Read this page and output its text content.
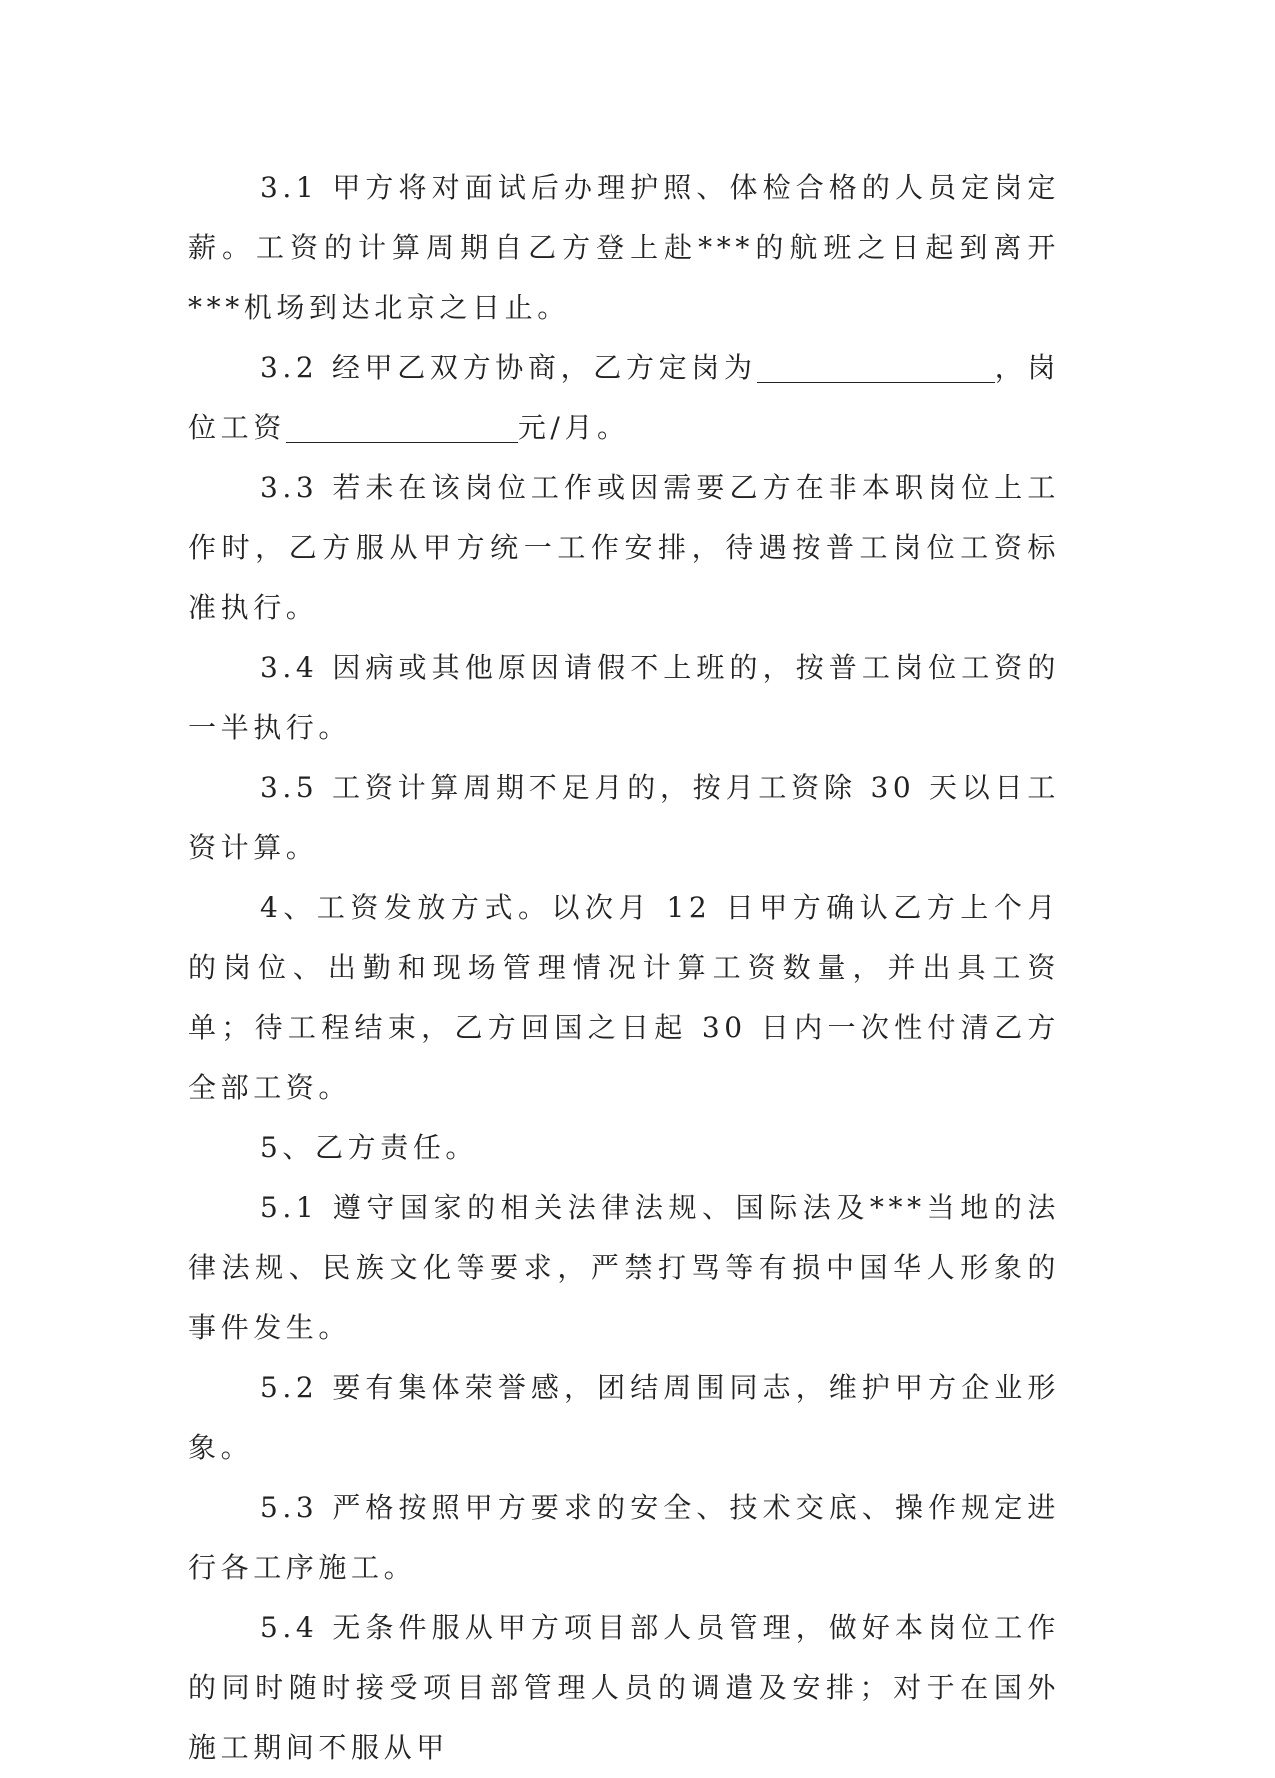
3.1 甲方将对面试后办理护照、体检合格的人员定岗定薪。工资的计算周期自乙方登上赴***的航班之日起到离开***机场到达北京之日止。

3.2 经甲乙双方协商，乙方定岗为	，岗位工资	元/月。

3.3 若未在该岗位工作或因需要乙方在非本职岗位上工作时，乙方服从甲方统一工作安排，待遇按普工岗位工资标准执行。

3.4 因病或其他原因请假不上班的，按普工岗位工资的一半执行。

3.5 工资计算周期不足月的，按月工资除 30 天以日工资计算。

4、工资发放方式。以次月 12 日甲方确认乙方上个月的岗位、出勤和现场管理情况计算工资数量，并出具工资单；待工程结束，乙方回国之日起 30 日内一次性付清乙方全部工资。

5、乙方责任。

5.1 遵守国家的相关法律法规、国际法及***当地的法律法规、民族文化等要求，严禁打骂等有损中国华人形象的事件发生。

5.2 要有集体荣誉感，团结周围同志，维护甲方企业形象。

5.3 严格按照甲方要求的安全、技术交底、操作规定进行各工序施工。

5.4 无条件服从甲方项目部人员管理，做好本岗位工作的同时随时接受项目部管理人员的调遣及安排；对于在国外施工期间不服从甲
